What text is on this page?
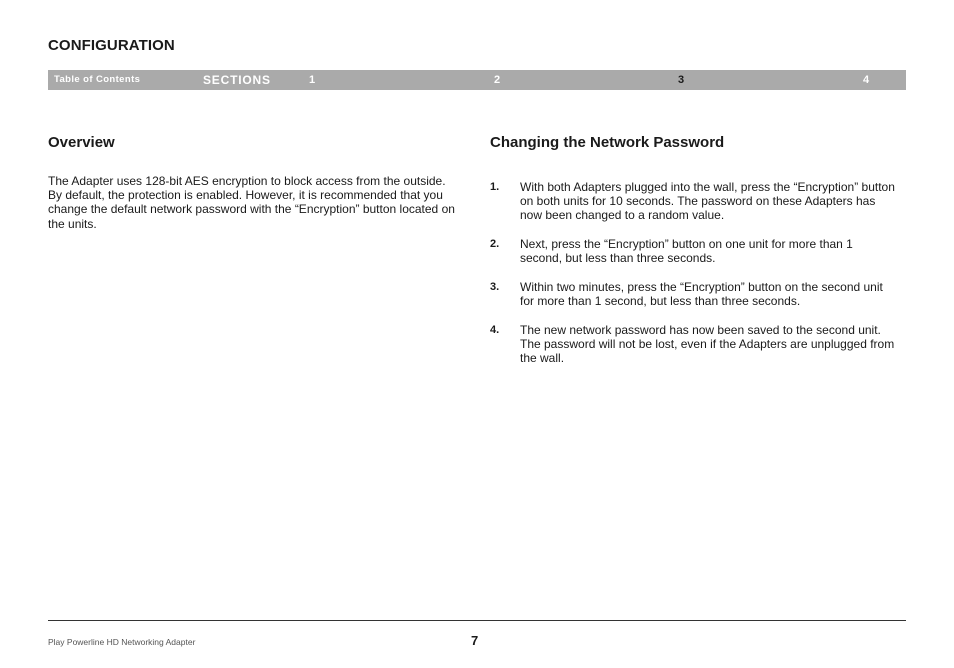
CONFIGURATION
Table of Contents	SECTIONS	1	2	3	4
Overview

The Adapter uses 128-bit AES encryption to block access from the outside. By default, the protection is enabled. However, it is recommended that you change the default network password with the “Encryption” button located on the units.

Changing the Network Password
1.	With both Adapters plugged into the wall, press the “Encryption” button on both units for 10 seconds. The password on these Adapters has now been changed to a random value.
2.	Next, press the “Encryption” button on one unit for more than 1 second, but less than three seconds.
3.	Within two minutes, press the “Encryption” button on the second unit for more than 1 second, but less than three seconds.
4.	The new network password has now been saved to the second unit. The password will not be lost, even if the Adapters are unplugged from the wall.
Play Powerline HD Networking Adapter	7
